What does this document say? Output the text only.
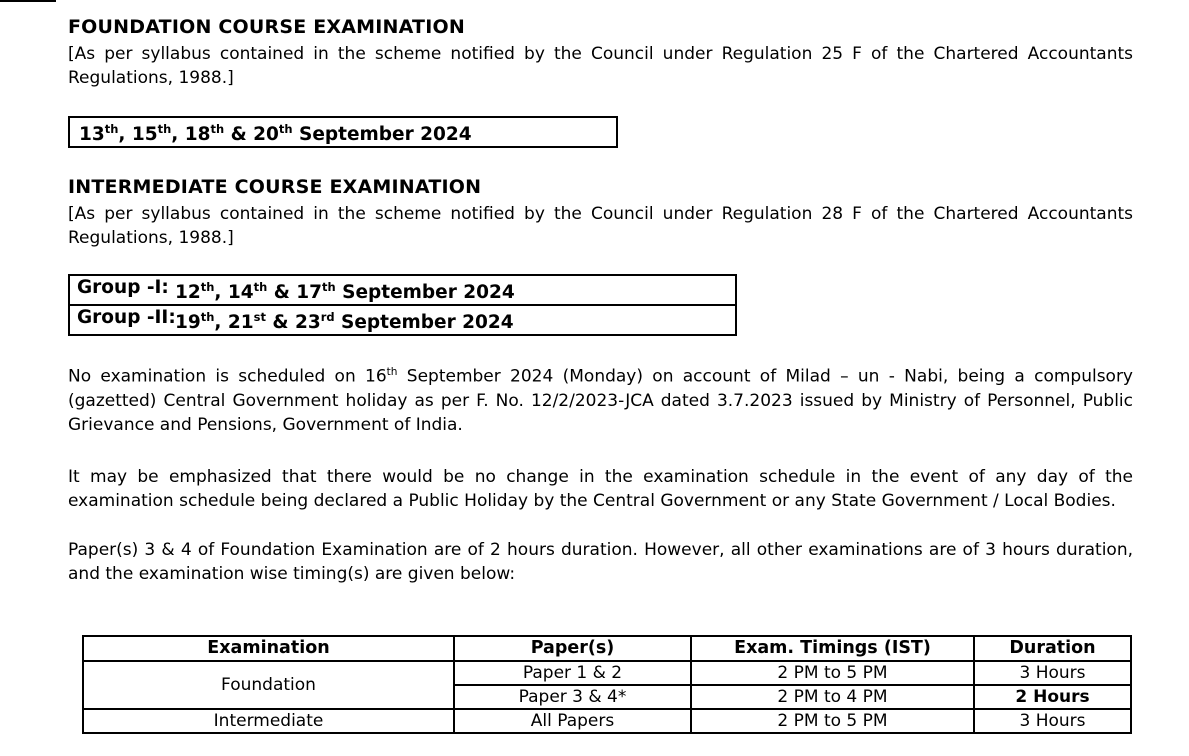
FOUNDATION COURSE EXAMINATION

[As per syllabus contained in the scheme notified by the Council under Regulation 25 F of the Chartered Accountants Regulations, 1988.]

13th, 15th, 18th & 20th September 2024
INTERMEDIATE COURSE EXAMINATION

[As per syllabus contained in the scheme notified by the Council under Regulation 28 F of the Chartered Accountants Regulations, 1988.]

Group -I: 12th, 14th & 17th September 2024
Group -II: 19th, 21st & 23rd September 2024

No examination is scheduled on 16th September 2024 (Monday) on account of Milad – un - Nabi, being a compulsory (gazetted) Central Government holiday as per F. No. 12/2/2023-JCA dated 3.7.2023 issued by Ministry of Personnel, Public Grievance and Pensions, Government of India.

It may be emphasized that there would be no change in the examination schedule in the event of any day of the examination schedule being declared a Public Holiday by the Central Government or any State Government / Local Bodies.

Paper(s) 3 & 4 of Foundation Examination are of 2 hours duration. However, all other examinations are of 3 hours duration, and the examination wise timing(s) are given below:

Examination	Paper(s)	Exam. Timings (IST)	Duration
Foundation	Paper 1 & 2	2 PM to 5 PM	3 Hours
	Paper 3 & 4*	2 PM to 4 PM	2 Hours
Intermediate	All Papers	2 PM to 5 PM	3 Hours
